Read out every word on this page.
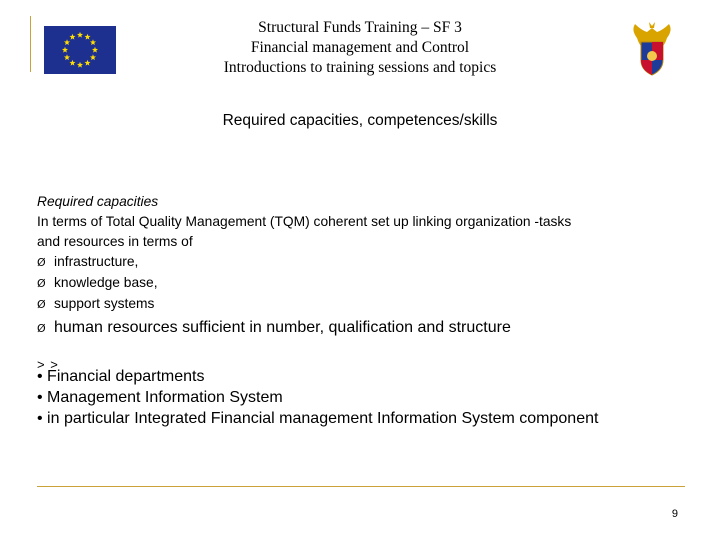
Structural Funds Training – SF 3
Financial management and Control
Introductions to training sessions and topics
Required capacities, competences/skills
Required capacities
In terms of Total Quality Management (TQM) coherent set up linking organization -tasks
and resources in terms of
Ø infrastructure,
Ø knowledge base,
Ø support systems
Ø human resources sufficient in number, qualification and structure
> >
• Financial departments
• Management Information System
• in particular Integrated Financial management Information System component
9
